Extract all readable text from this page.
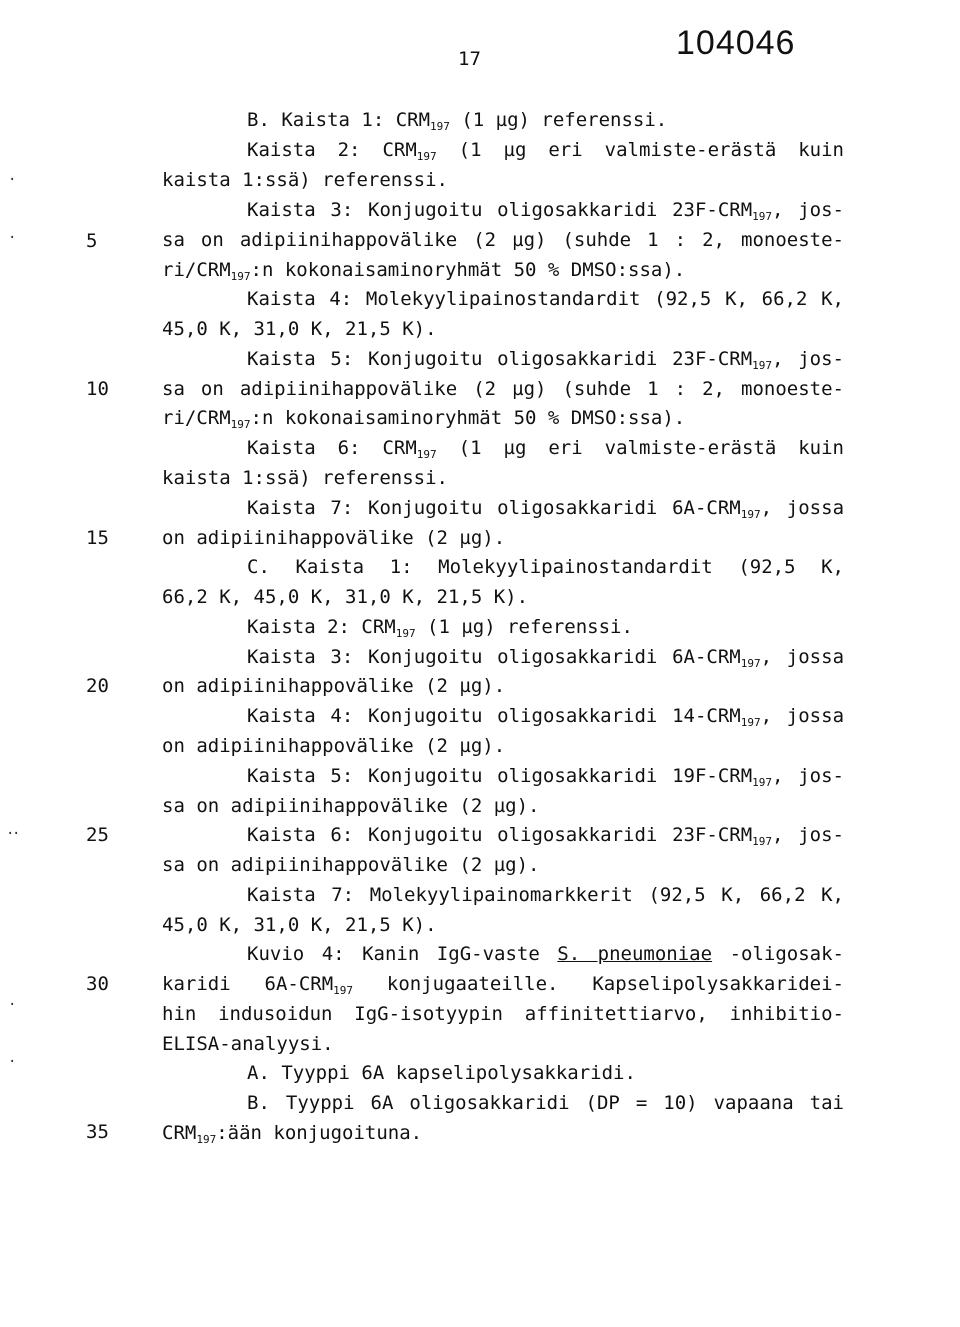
17	104046
.
.
.
.
.
.
5
10
15
20
25
30
35
B. Kaista 1: $CRM_{197}$ (1 µg) referenssi.
Kaista 2: $CRM_{197}$ (1 µg eri valmiste-erästä kuin
kaista 1:ssä) referenssi.
Kaista 3: Konjugoitu oligosakkaridi $23F-CRM_{197}$, jos-
sa on adipiinihappovälike (2 µg) (suhde 1 : 2, monoeste-
$ri/CRM_{197}:n$ kokonaisaminoryhmät 50 % DMSO:ssa).
Kaista 4: Molekyylipainostandardit (92,5 K, 66,2 K,
45,0 K, 31,0 K, 21,5 K).
Kaista 5: Konjugoitu oligosakkaridi $23F-CRM_{197}$, jos-
sa on adipiinihappovälike (2 µg) (suhde 1 : 2, monoeste-
$ri/CRM_{197}:n$ kokonaisaminoryhmät 50 % DMSO:ssa).
Kaista 6: $CRM_{197}$ (1 µg eri valmiste-erästä kuin
kaista 1:ssä) referenssi.
Kaista 7: Konjugoitu oligosakkaridi $6A-CRM_{197}$, jossa
on adipiinihappovälike (2 µg).
C. Kaista 1: Molekyylipainostandardit (92,5 K,
66,2 K, 45,0 K, 31,0 K, 21,5 K).
Kaista 2: $CRM_{197}$ (1 µg) referenssi.
Kaista 3: Konjugoitu oligosakkaridi $6A-CRM_{197}$, jossa
on adipiinihappovälike (2 µg).
Kaista 4: Konjugoitu oligosakkaridi $14-CRM_{197}$, jossa
on adipiinihappovälike (2 µg).
Kaista 5: Konjugoitu oligosakkaridi $19F-CRM_{197}$, jos-
sa on adipiinihappovälike (2 µg).
Kaista 6: Konjugoitu oligosakkaridi $23F-CRM_{197}$, jos-
sa on adipiinihappovälike (2 µg).
Kaista 7: Molekyylipainomarkkerit (92,5 K, 66,2 K,
45,0 K, 31,0 K, 21,5 K).
Kuvio 4: Kanin IgG-vaste S. pneumoniae -oligosak-
karidi $6A-CRM_{197}$ konjugaateille. Kapselipolysakkaridei-
hin indusoidun IgG-isotyypin affinitettiarvo, inhibitio-
ELISA-analyysi.
A. Tyyppi 6A kapselipolysakkaridi.
B. Tyyppi 6A oligosakkaridi (DP = 10) vapaana tai
$CRM_{197}:ään$ konjugoituna.
